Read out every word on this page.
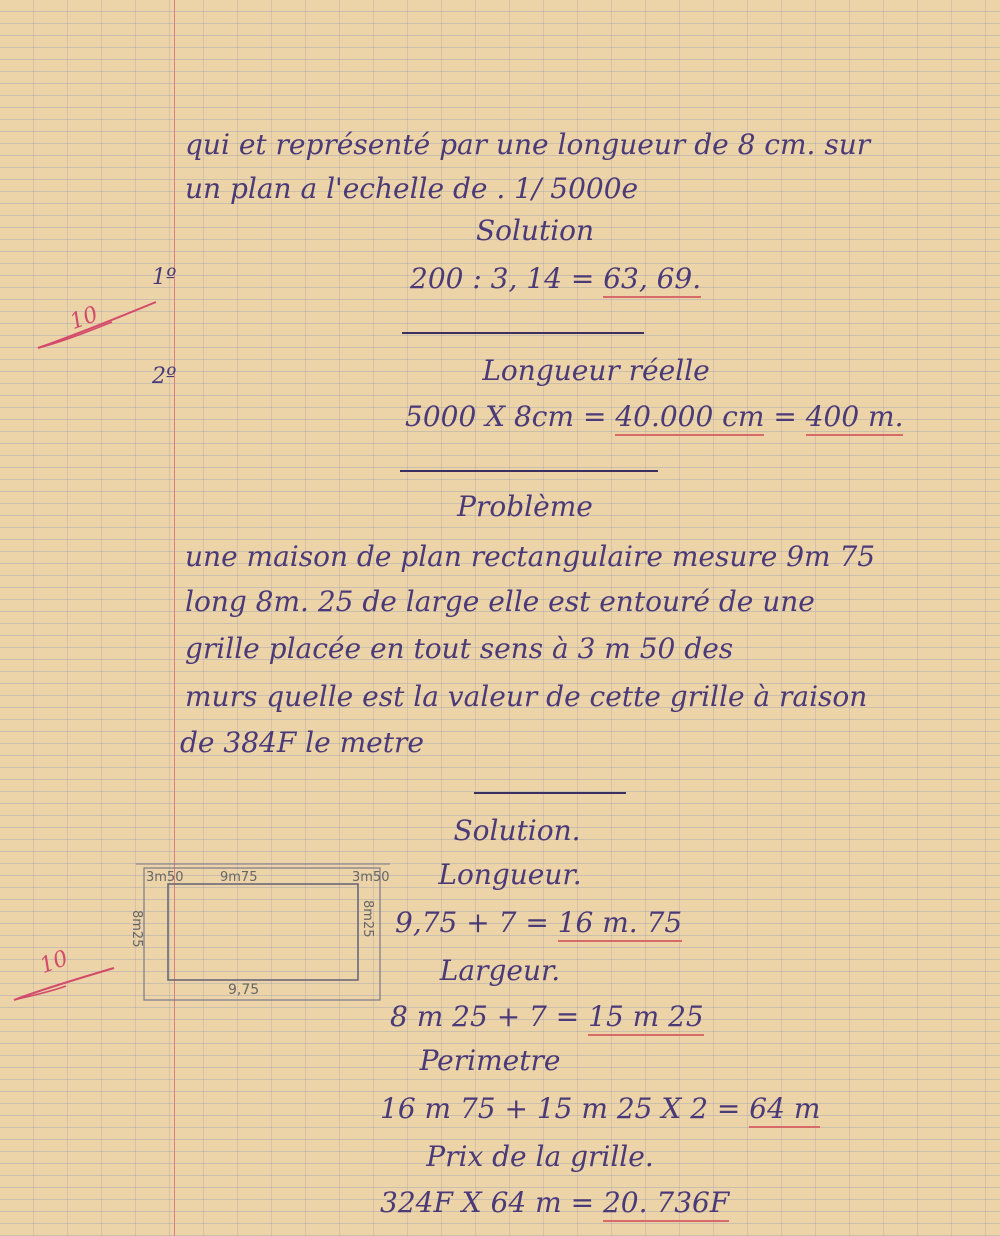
qui et représenté par une longueur de 8 cm. sur
un plan a l'echelle de . 1/ 5000e
Solution
1º	200 : 3, 14 = 63, 69.
10
2º	Longueur réelle
5000 X 8cm = 40.000 cm = 400 m.
Problème
une maison de plan rectangulaire mesure 9m 75
long 8m. 25 de large elle est entouré de une
grille placée en tout sens à 3 m 50 des
murs quelle est la valeur de cette grille à raison
de 384F le metre
Solution.
3m50	9m75	3m50
8m25	8m25
9,75
Longueur.
9,75 + 7 = 16 m. 75
10	Largeur.
8 m 25 + 7 = 15 m 25
Perimetre
16 m 75 + 15 m 25 X 2 = 64 m
Prix de la grille.
324F X 64 m = 20. 736F
